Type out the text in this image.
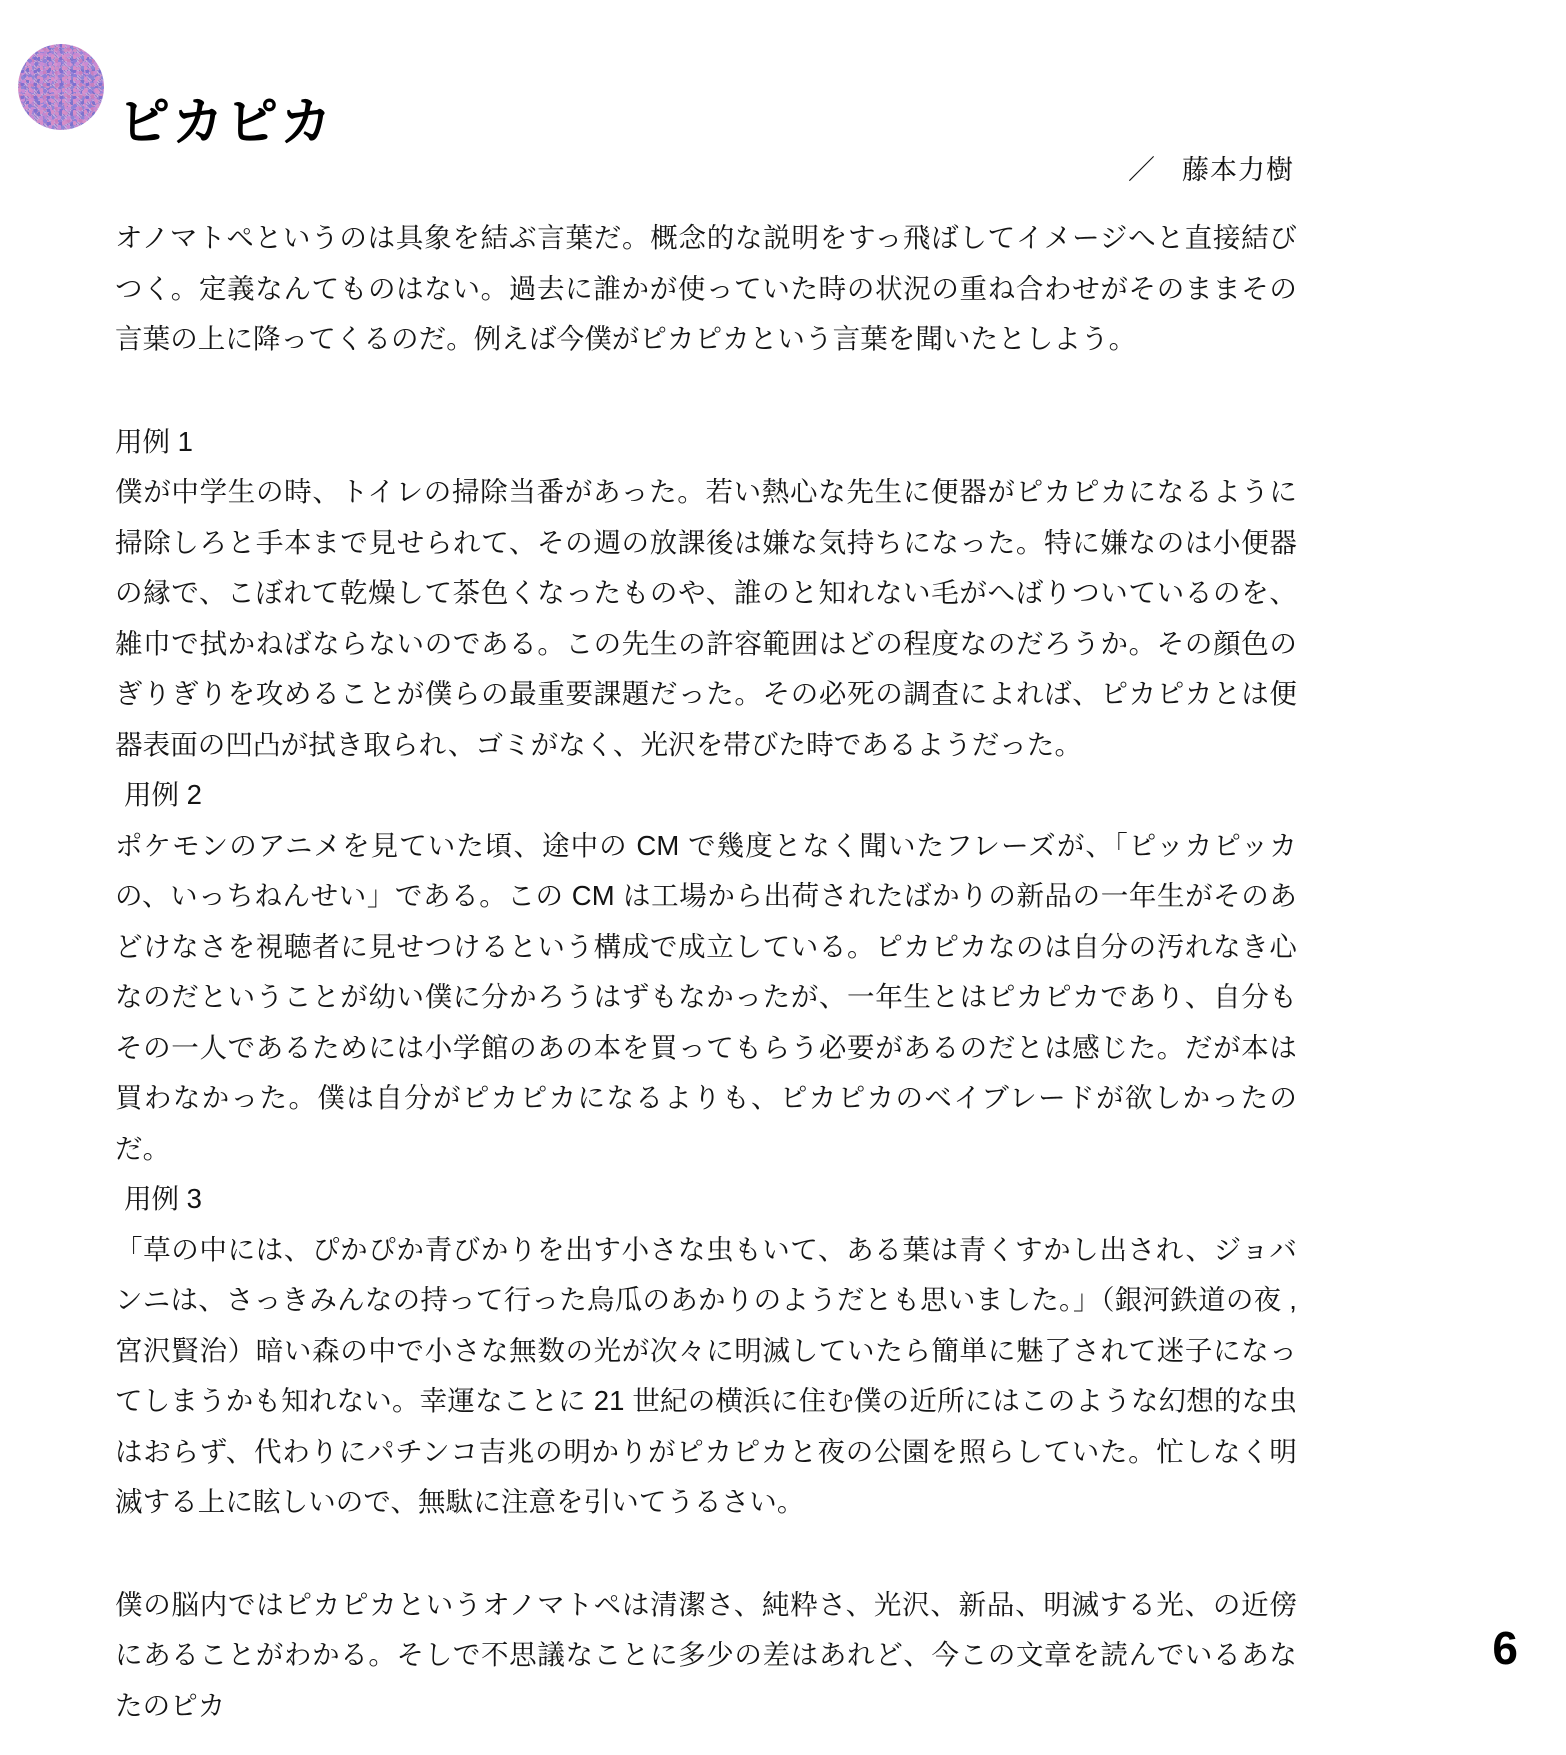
ピカピカ
／ 藤本力樹

オノマトペというのは具象を結ぶ言葉だ。概念的な説明をすっ飛ばしてイメージへと直接結びつく。定義なんてものはない。過去に誰かが使っていた時の状況の重ね合わせがそのままその言葉の上に降ってくるのだ。例えば今僕がピカピカという言葉を聞いたとしよう。

用例 1

僕が中学生の時、トイレの掃除当番があった。若い熱心な先生に便器がピカピカになるように掃除しろと手本まで見せられて、その週の放課後は嫌な気持ちになった。特に嫌なのは小便器の縁で、こぼれて乾燥して茶色くなったものや、誰のと知れない毛がへばりついているのを、雑巾で拭かねばならないのである。この先生の許容範囲はどの程度なのだろうか。その顔色のぎりぎりを攻めることが僕らの最重要課題だった。その必死の調査によれば、ピカピカとは便器表面の凹凸が拭き取られ、ゴミがなく、光沢を帯びた時であるようだった。

用例 2

ポケモンのアニメを見ていた頃、途中の CM で幾度となく聞いたフレーズが、「ピッカピッカの、いっちねんせい」である。この CM は工場から出荷されたばかりの新品の一年生がそのあどけなさを視聴者に見せつけるという構成で成立している。ピカピカなのは自分の汚れなき心なのだということが幼い僕に分かろうはずもなかったが、一年生とはピカピカであり、自分もその一人であるためには小学館のあの本を買ってもらう必要があるのだとは感じた。だが本は買わなかった。僕は自分がピカピカになるよりも、ピカピカのベイブレードが欲しかったのだ。

用例 3

「草の中には、ぴかぴか青びかりを出す小さな虫もいて、ある葉は青くすかし出され、ジョバンニは、さっきみんなの持って行った烏瓜のあかりのようだとも思いました。」（銀河鉄道の夜 , 宮沢賢治）暗い森の中で小さな無数の光が次々に明滅していたら簡単に魅了されて迷子になってしまうかも知れない。幸運なことに 21 世紀の横浜に住む僕の近所にはこのような幻想的な虫はおらず、代わりにパチンコ吉兆の明かりがピカピカと夜の公園を照らしていた。忙しなく明滅する上に眩しいので、無駄に注意を引いてうるさい。

僕の脳内ではピカピカというオノマトペは清潔さ、純粋さ、光沢、新品、明滅する光、の近傍にあることがわかる。そしで不思議なことに多少の差はあれど、今この文章を読んでいるあなたのピカ

6
